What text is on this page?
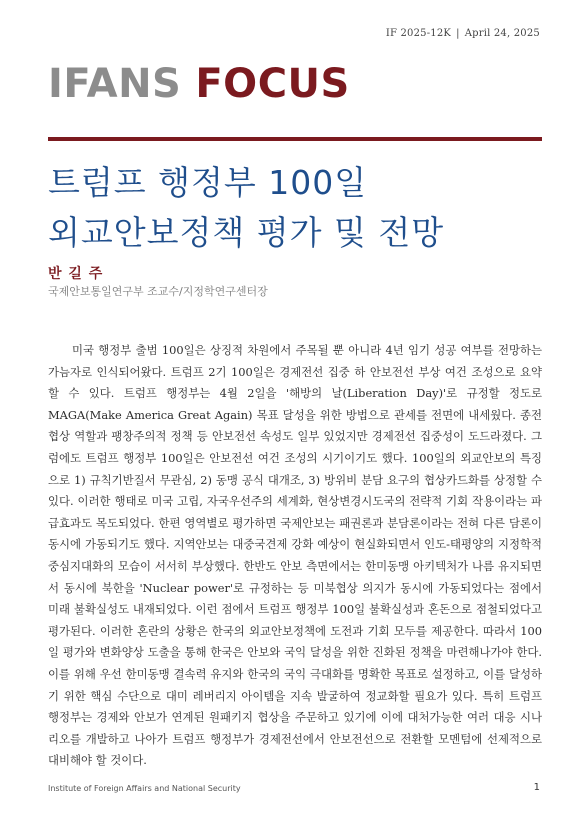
IF 2025-12K | April 24, 2025
IFANS FOCUS
트럼프 행정부 100일
외교안보정책 평가 및 전망
반 길 주
국제안보통일연구부 조교수/지정학연구센터장

미국 행정부 출범 100일은 상징적 차원에서 주목될 뿐 아니라 4년 임기 성공 여부를 전망하는 가늠자로 인식되어왔다. 트럼프 2기 100일은 경제전선 집중 하 안보전선 부상 여건 조성으로 요약할 수 있다. 트럼프 행정부는 4월 2일을 '해방의 날(Liberation Day)'로 규정할 정도로 MAGA(Make America Great Again) 목표 달성을 위한 방법으로 관세를 전면에 내세웠다. 종전 협상 역할과 팽창주의적 정책 등 안보전선 속성도 일부 있었지만 경제전선 집중성이 도드라졌다. 그럼에도 트럼프 행정부 100일은 안보전선 여건 조성의 시기이기도 했다. 100일의 외교안보의 특징으로 1) 규칙기반질서 무관심, 2) 동맹 공식 대개조, 3) 방위비 분담 요구의 협상카드화를 상정할 수 있다. 이러한 행태로 미국 고립, 자국우선주의 세계화, 현상변경시도국의 전략적 기회 작용이라는 파급효과도 목도되었다. 한편 영역별로 평가하면 국제안보는 패권론과 분담론이라는 전혀 다른 담론이 동시에 가동되기도 했다. 지역안보는 대중국견제 강화 예상이 현실화되면서 인도-태평양의 지정학적 중심지대화의 모습이 서서히 부상했다. 한반도 안보 측면에서는 한미동맹 아키텍처가 나름 유지되면서 동시에 북한을 'Nuclear power'로 규정하는 등 미북협상 의지가 동시에 가동되었다는 점에서 미래 불확실성도 내재되었다. 이런 점에서 트럼프 행정부 100일 불확실성과 혼돈으로 점철되었다고 평가된다. 이러한 혼란의 상황은 한국의 외교안보정책에 도전과 기회 모두를 제공한다. 따라서 100일 평가와 변화양상 도출을 통해 한국은 안보와 국익 달성을 위한 진화된 정책을 마련해나가야 한다. 이를 위해 우선 한미동맹 결속력 유지와 한국의 국익 극대화를 명확한 목표로 설정하고, 이를 달성하기 위한 핵심 수단으로 대미 레버리지 아이템을 지속 발굴하여 정교화할 필요가 있다. 특히 트럼프 행정부는 경제와 안보가 연계된 원패키지 협상을 주문하고 있기에 이에 대처가능한 여러 대응 시나리오를 개발하고 나아가 트럼프 행정부가 경제전선에서 안보전선으로 전환할 모멘텀에 선제적으로 대비해야 할 것이다.

Institute of Foreign Affairs and National Security	1
